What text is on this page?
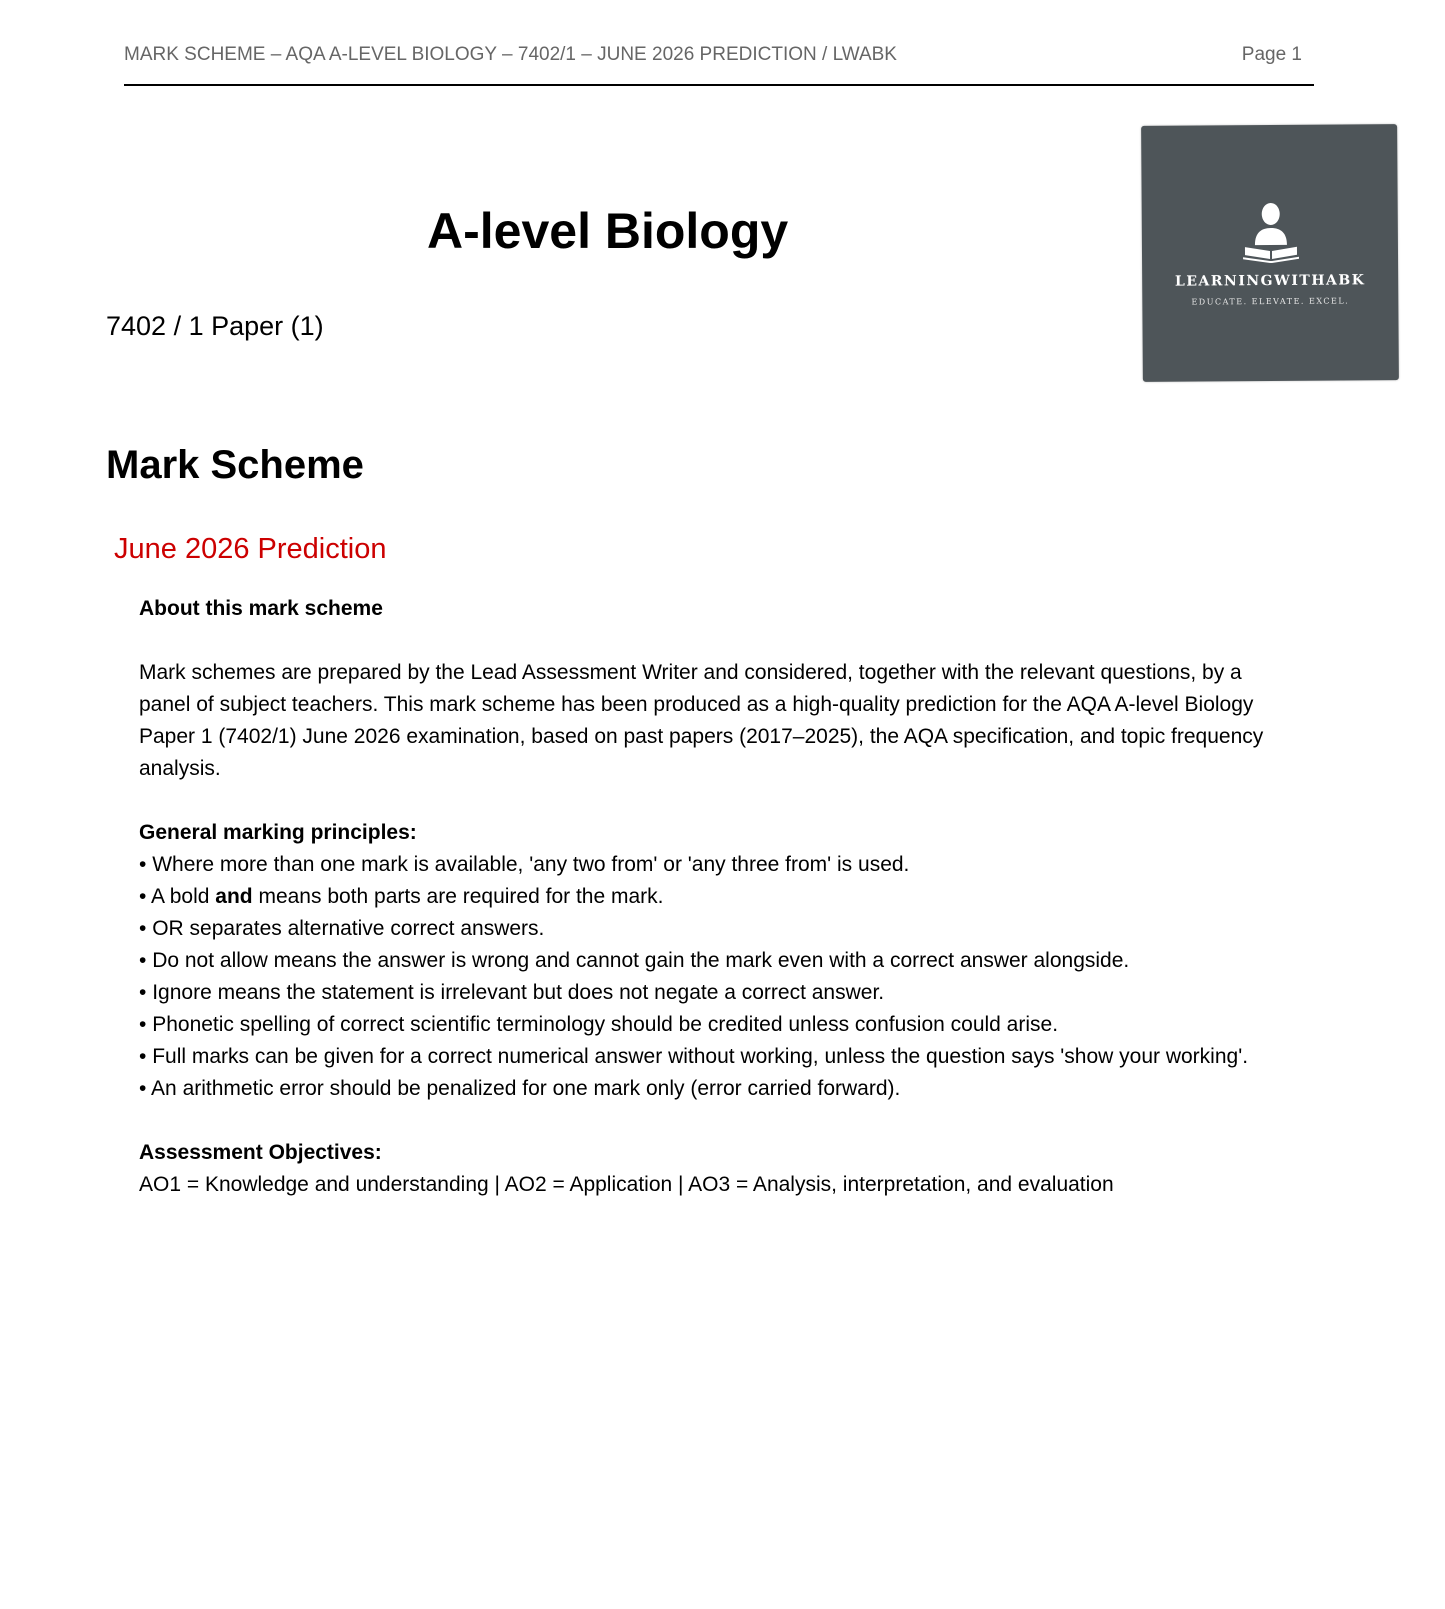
MARK SCHEME – AQA A-LEVEL BIOLOGY – 7402/1 – JUNE 2026 PREDICTION / LWABK	Page 1
LEARNINGWITHABK
EDUCATE. ELEVATE. EXCEL.
A-level Biology
7402 / 1 Paper (1)
Mark Scheme
June 2026 Prediction

About this mark scheme

Mark schemes are prepared by the Lead Assessment Writer and considered, together with the relevant questions, by a panel of subject teachers. This mark scheme has been produced as a high-quality prediction for the AQA A-level Biology Paper 1 (7402/1) June 2026 examination, based on past papers (2017–2025), the AQA specification, and topic frequency analysis.

General marking principles:

• Where more than one mark is available, 'any two from' or 'any three from' is used.
• A bold and means both parts are required for the mark.
• OR separates alternative correct answers.
• Do not allow means the answer is wrong and cannot gain the mark even with a correct answer alongside.
• Ignore means the statement is irrelevant but does not negate a correct answer.
• Phonetic spelling of correct scientific terminology should be credited unless confusion could arise.
• Full marks can be given for a correct numerical answer without working, unless the question says 'show your working'.
• An arithmetic error should be penalized for one mark only (error carried forward).

Assessment Objectives:

AO1 = Knowledge and understanding | AO2 = Application | AO3 = Analysis, interpretation, and evaluation
